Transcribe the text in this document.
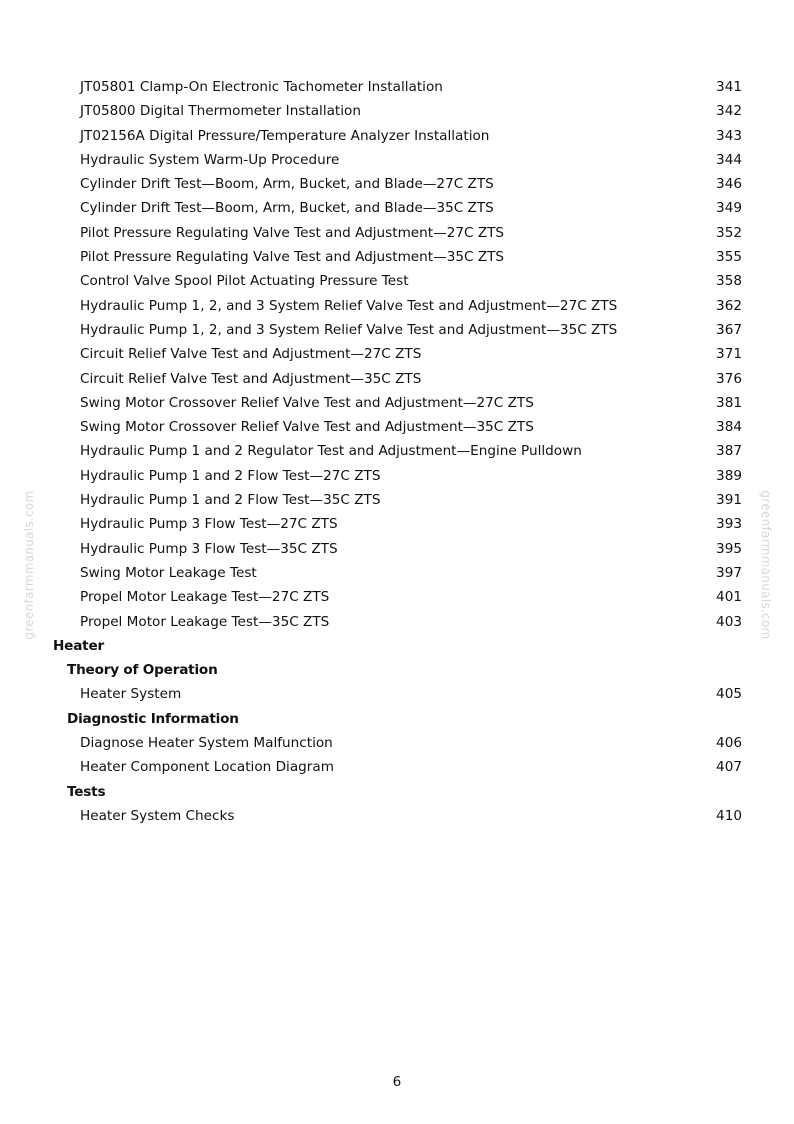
greenfarmmanuals.com	greenfarmmanuals.com
JT05801 Clamp-On Electronic Tachometer Installation	341
JT05800 Digital Thermometer Installation	342
JT02156A Digital Pressure/Temperature Analyzer Installation	343
Hydraulic System Warm-Up Procedure	344
Cylinder Drift Test—Boom, Arm, Bucket, and Blade—27C ZTS	346
Cylinder Drift Test—Boom, Arm, Bucket, and Blade—35C ZTS	349
Pilot Pressure Regulating Valve Test and Adjustment—27C ZTS	352
Pilot Pressure Regulating Valve Test and Adjustment—35C ZTS	355
Control Valve Spool Pilot Actuating Pressure Test	358
Hydraulic Pump 1, 2, and 3 System Relief Valve Test and Adjustment—27C ZTS	362
Hydraulic Pump 1, 2, and 3 System Relief Valve Test and Adjustment—35C ZTS	367
Circuit Relief Valve Test and Adjustment—27C ZTS	371
Circuit Relief Valve Test and Adjustment—35C ZTS	376
Swing Motor Crossover Relief Valve Test and Adjustment—27C ZTS	381
Swing Motor Crossover Relief Valve Test and Adjustment—35C ZTS	384
Hydraulic Pump 1 and 2 Regulator Test and Adjustment—Engine Pulldown	387
Hydraulic Pump 1 and 2 Flow Test—27C ZTS	389
Hydraulic Pump 1 and 2 Flow Test—35C ZTS	391
Hydraulic Pump 3 Flow Test—27C ZTS	393
Hydraulic Pump 3 Flow Test—35C ZTS	395
Swing Motor Leakage Test	397
Propel Motor Leakage Test—27C ZTS	401
Propel Motor Leakage Test—35C ZTS	403
Heater
Theory of Operation
Heater System	405
Diagnostic Information
Diagnose Heater System Malfunction	406
Heater Component Location Diagram	407
Tests
Heater System Checks	410
6
